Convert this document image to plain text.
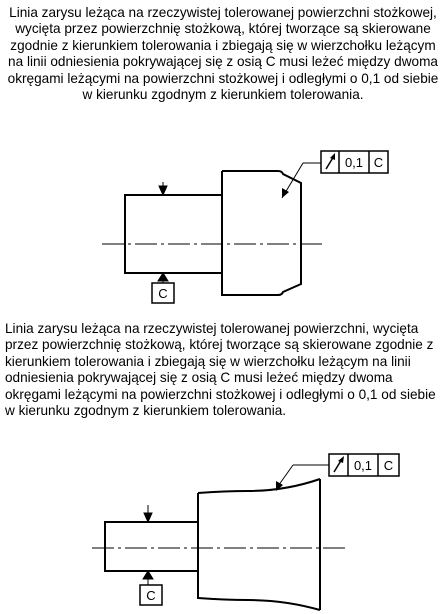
Linia zarysu leżąca na rzeczywistej tolerowanej powierzchni stożkowej, wycięta przez powierzchnię stożkową, której tworzące są skierowane zgodnie z kierunkiem tolerowania i zbiegają się w wierzchołku leżącym na linii odniesienia pokrywającej się z osią C musi leżeć między dwoma okręgami leżącymi na powierzchni stożkowej i odległymi o 0,1 od siebie w kierunku zgodnym z kierunkiem tolerowania.

C
0,1 C

Linia zarysu leżąca na rzeczywistej tolerowanej powierzchni, wycięta przez powierzchnię stożkową, której tworzące są skierowane zgodnie z kierunkiem tolerowania i zbiegają się w wierzchołku leżącym na linii odniesienia pokrywającej się z osią C musi leżeć między dwoma okręgami leżącymi na powierzchni stożkowej i odległymi o 0,1 od siebie w kierunku zgodnym z kierunkiem tolerowania.

C
0,1 C
